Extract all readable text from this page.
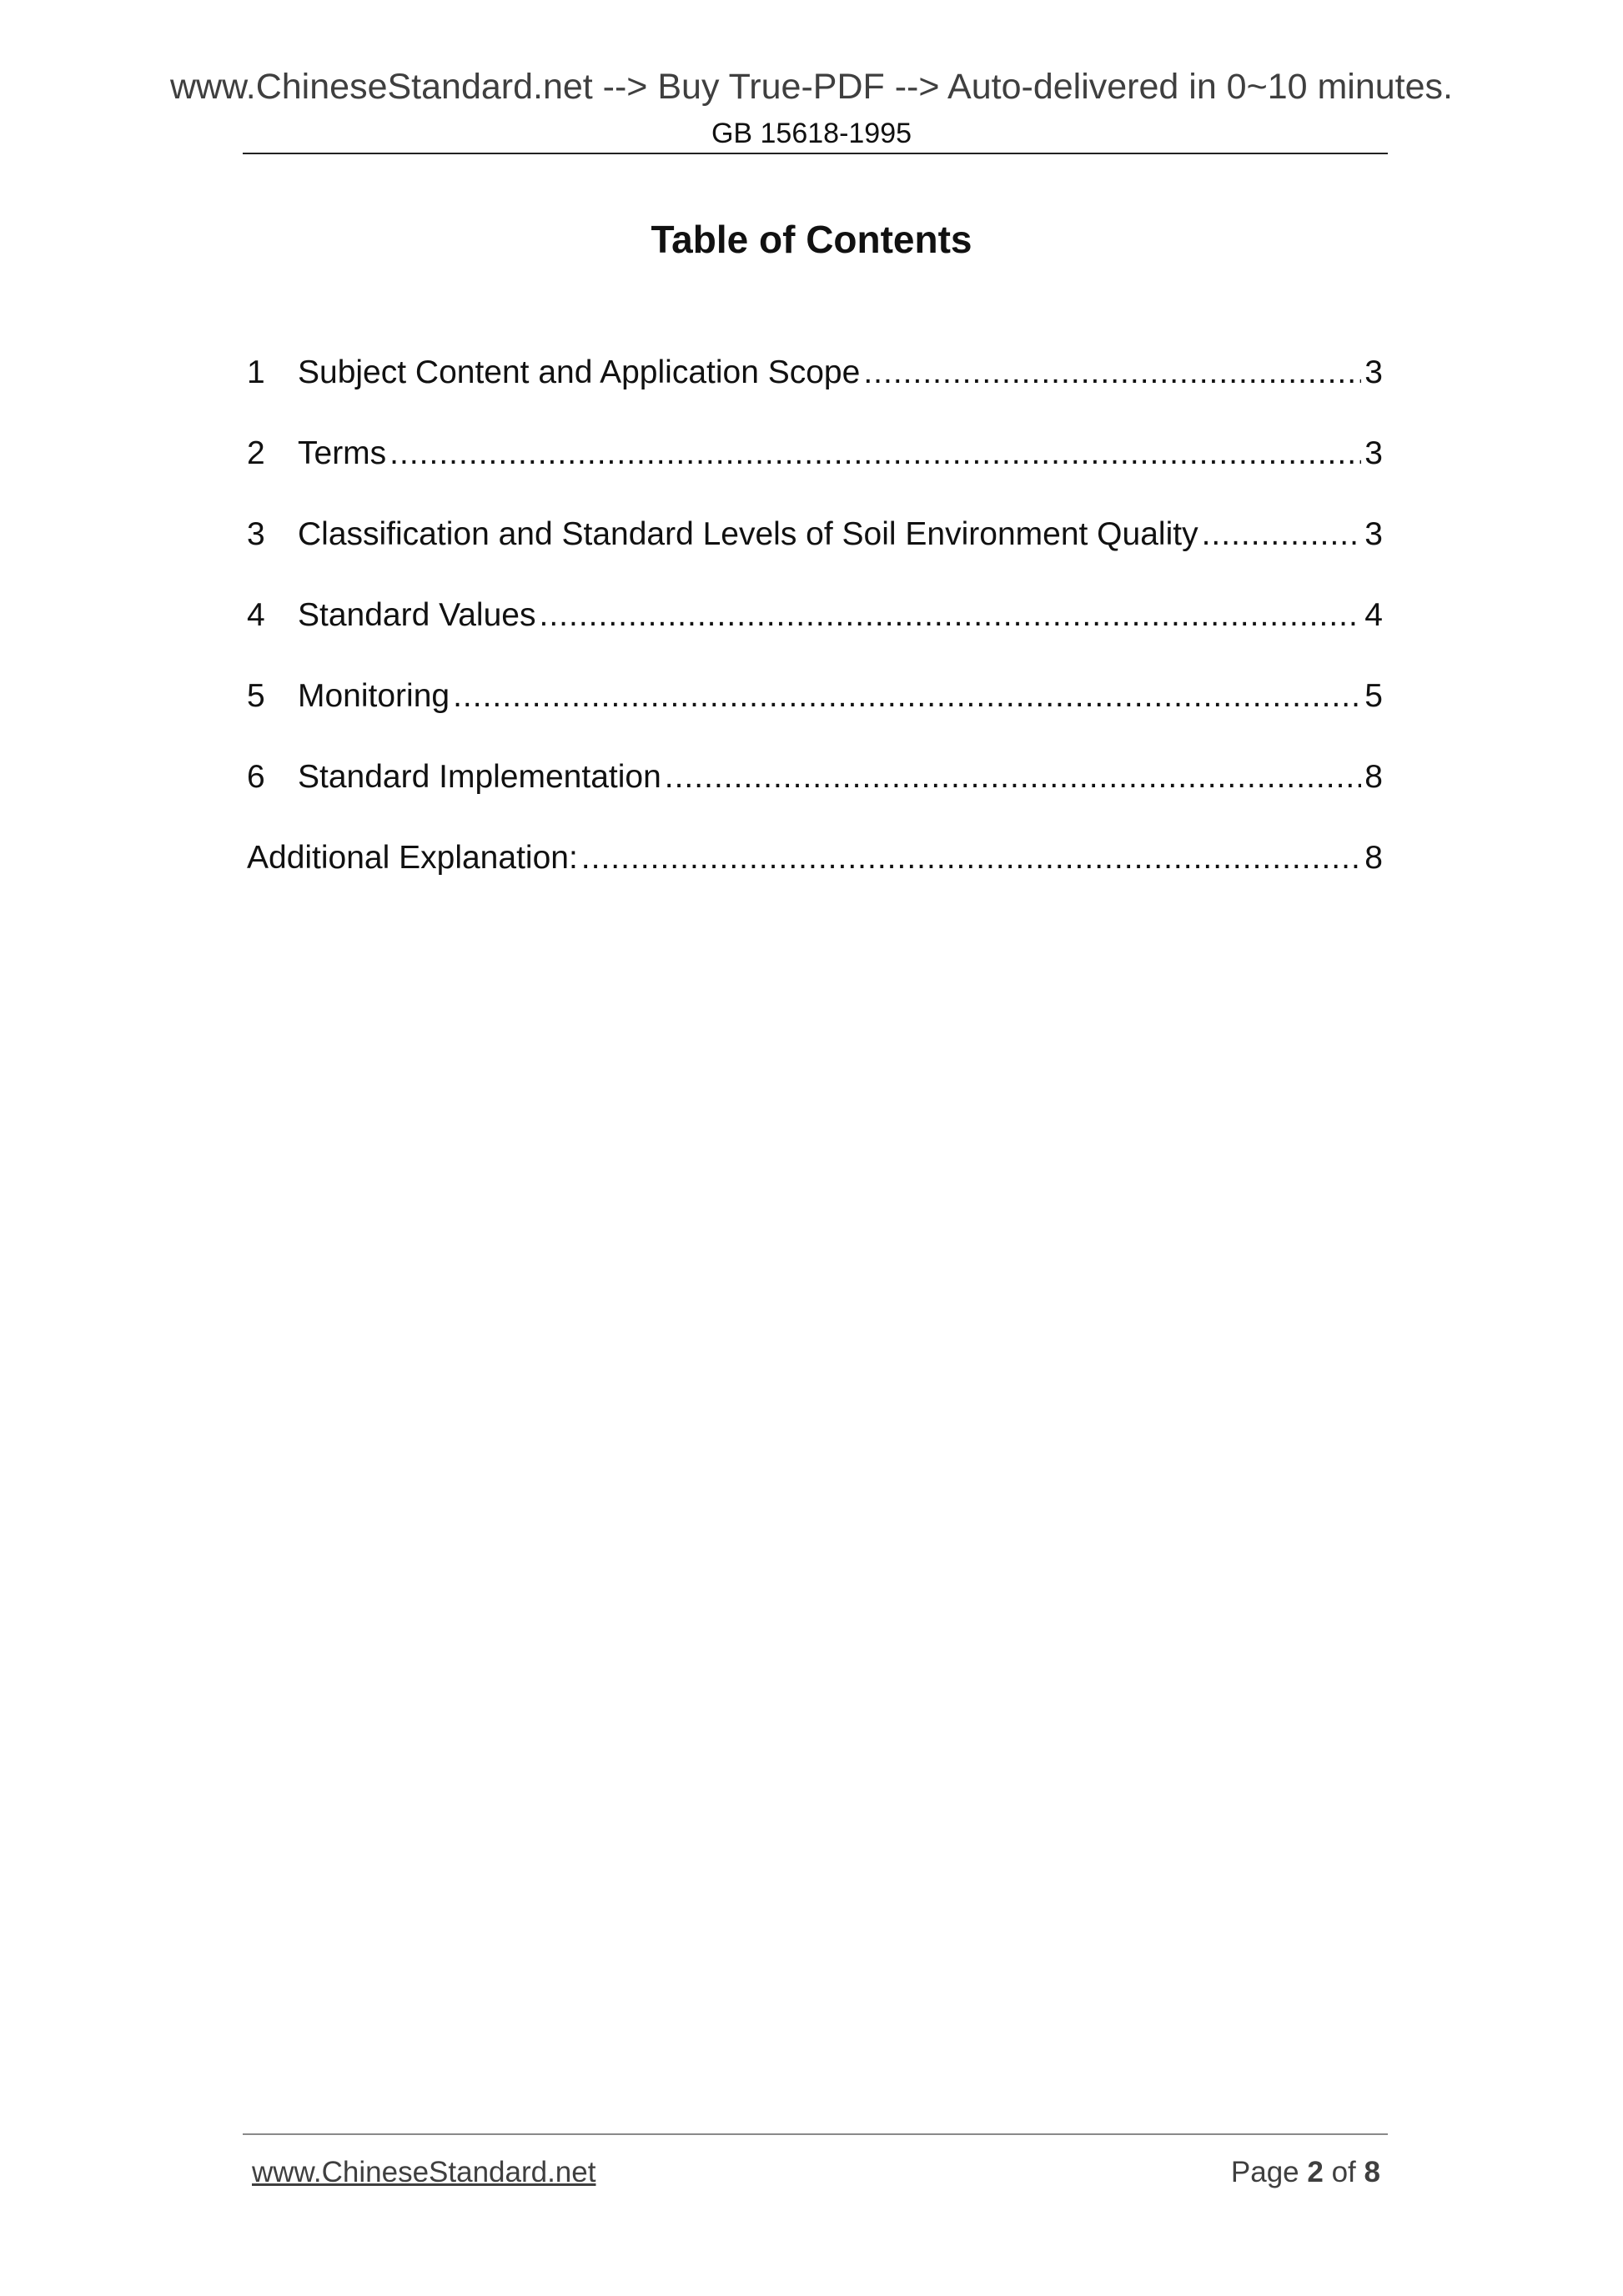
www.ChineseStandard.net --> Buy True-PDF --> Auto-delivered in 0~10 minutes.
GB 15618-1995
Table of Contents
1	Subject Content and Application Scope .....	3
2	Terms .....	3
3	Classification and Standard Levels of Soil Environment Quality .....	3
4	Standard Values .....	4
5	Monitoring .....	5
6	Standard Implementation .....	8
Additional Explanation: .....	8
www.ChineseStandard.net	Page 2 of 8
